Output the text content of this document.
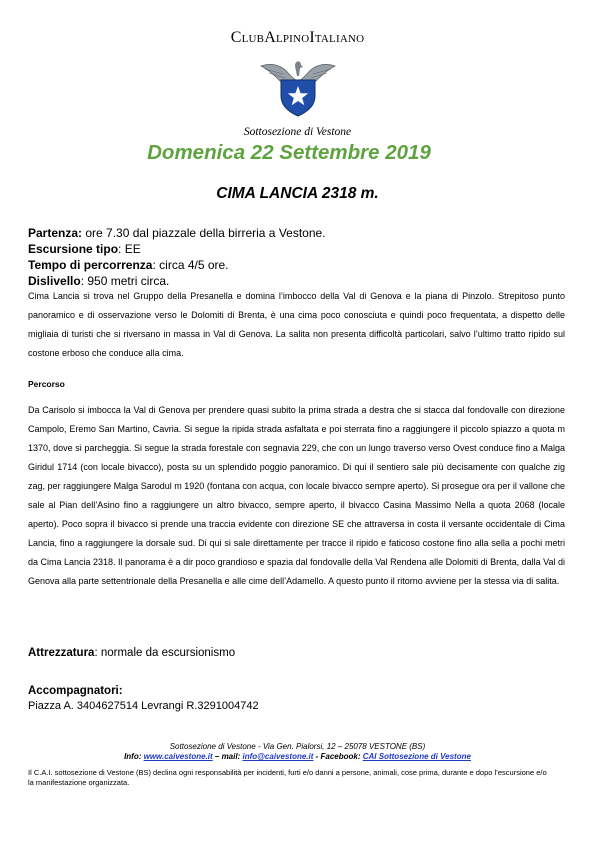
ClubAlpinoItaliano
Sottosezione di Vestone
Domenica 22 Settembre 2019
CIMA LANCIA 2318 m.
Partenza: ore 7.30 dal piazzale della birreria a Vestone.
Escursione tipo: EE
Tempo di percorrenza: circa 4/5 ore.
Dislivello: 950 metri circa.
Cima Lancia si trova nel Gruppo della Presanella e domina l’imbocco della Val di Genova e la piana di Pinzolo. Strepitoso punto panoramico e di osservazione verso le Dolomiti di Brenta, è una cima poco conosciuta e quindi poco frequentata, a dispetto delle migliaia di turisti che si riversano in massa in Val di Genova. La salita non presenta difficoltà particolari, salvo l’ultimo tratto ripido sul costone erboso che conduce alla cima.
Percorso
Da Carisolo si imbocca la Val di Genova per prendere quasi subito la prima strada a destra che si stacca dal fondovalle con direzione Campolo, Eremo San Martino, Cavria. Si segue la ripida strada asfaltata e poi sterrata fino a raggiungere il piccolo spiazzo a quota m 1370, dove si parcheggia. Si segue la strada forestale con segnavia 229, che con un lungo traverso verso Ovest conduce fino a Malga Giridul 1714 (con locale bivacco), posta su un splendido poggio panoramico. Di qui il sentiero sale più decisamente con qualche zig zag, per raggiungere Malga Sarodul m 1920 (fontana con acqua, con locale bivacco sempre aperto). Si prosegue ora per il vallone che sale al Pian dell’Asino fino a raggiungere un altro bivacco, sempre aperto, il bivacco Casina Massimo Nella a quota 2068 (locale aperto). Poco sopra il bivacco si prende una traccia evidente con direzione SE che attraversa in costa il versante occidentale di Cima Lancia, fino a raggiungere la dorsale sud. Di qui si sale direttamente per tracce il ripido e faticoso costone fino alla sella a pochi metri da Cima Lancia 2318. Il panorama è a dir poco grandioso e spazia dal fondovalle della Val Rendena alle Dolomiti di Brenta, dalla Val di Genova alla parte settentrionale della Presanella e alle cime dell’Adamello. A questo punto il ritorno avviene per la stessa via di salita.
Attrezzatura: normale da escursionismo
Accompagnatori:
Piazza A. 3404627514 Levrangi R.3291004742
Sottosezione di Vestone - Via Gen. Pialorsi, 12 – 25078 VESTONE (BS)
Info: www.caivestone.it – mail: info@caivestone.it - Facebook: CAI Sottosezione di Vestone
Il C.A.I. sottosezione di Vestone (BS) declina ogni responsabilità per incidenti, furti e/o danni a persone, animali, cose prima, durante e dopo l’escursione e/o la manifestazione organizzata.
